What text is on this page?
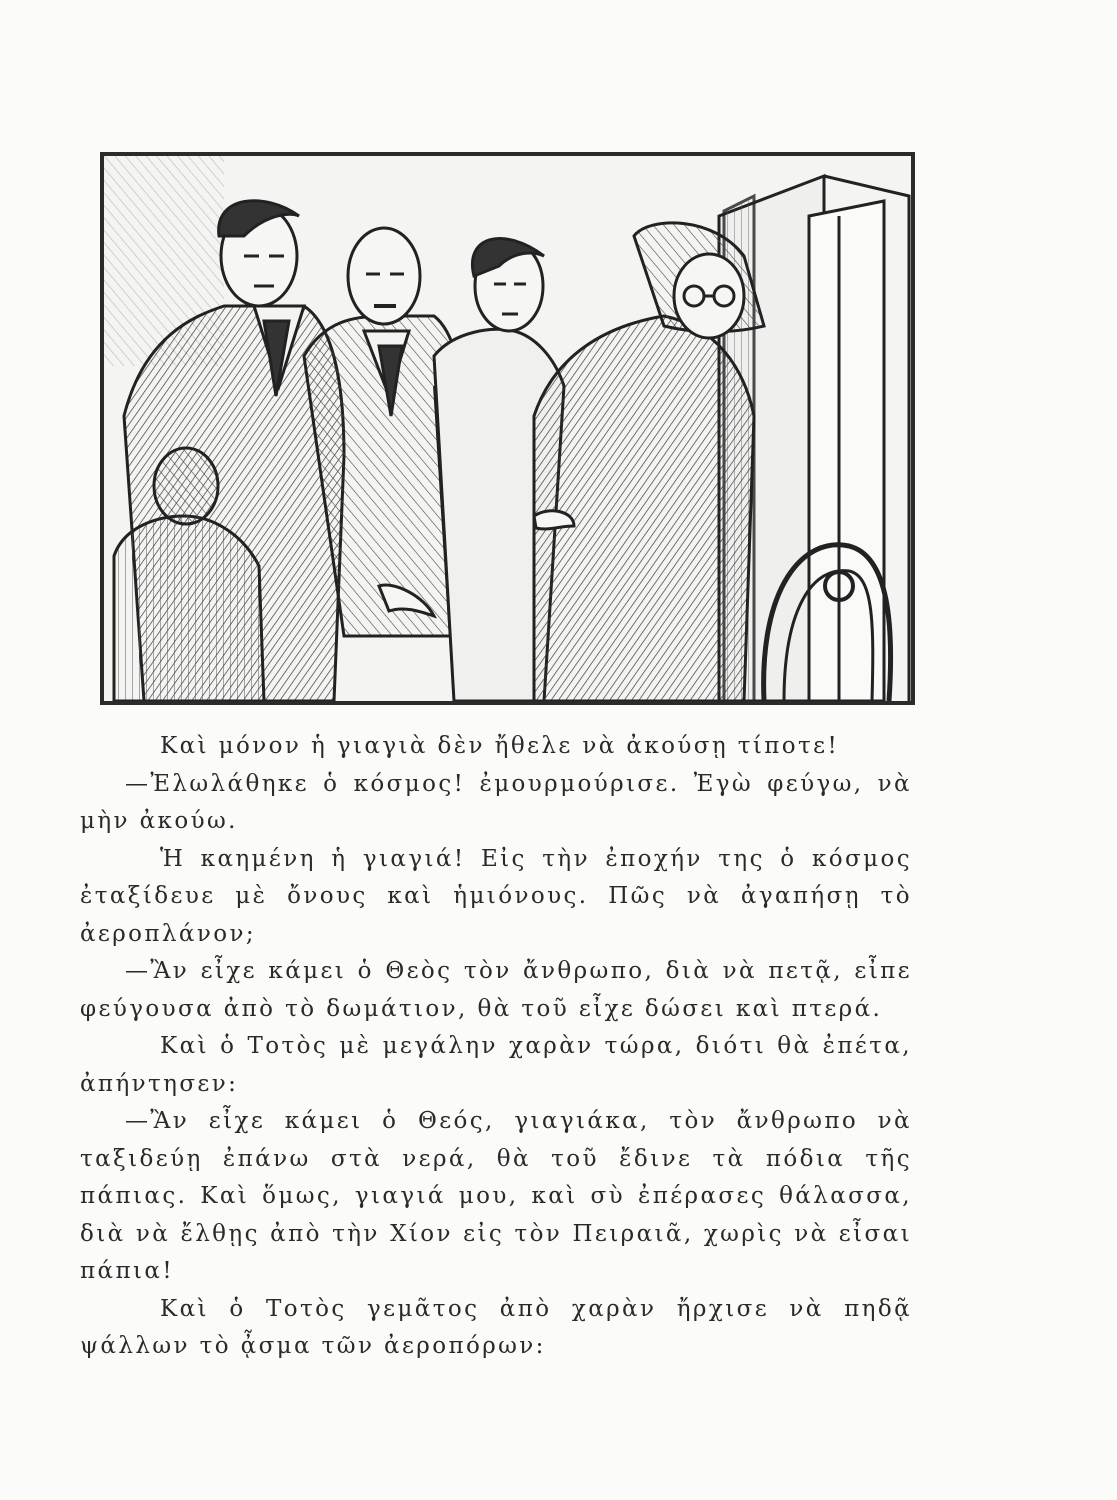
Καὶ μόνον ἡ γιαγιὰ δὲν ἤθελε νὰ ἀκούσῃ τίποτε!

—Ἐλωλάθηκε ὁ κόσμος! ἐμουρμούρισε. Ἐγὼ φεύγω, νὰ μὴν ἀκούω.

Ἡ καημένη ἡ γιαγιά! Εἰς τὴν ἐποχήν της ὁ κόσμος ἐταξίδευε μὲ ὄνους καὶ ἡμιόνους. Πῶς νὰ ἀγαπήσῃ τὸ ἀεροπλάνον;

—Ἂν εἶχε κάμει ὁ Θεὸς τὸν ἄνθρωπο, διὰ νὰ πετᾷ, εἶπε φεύγουσα ἀπὸ τὸ δωμάτιον, θὰ τοῦ εἶχε δώσει καὶ πτερά.

Καὶ ὁ Τοτὸς μὲ μεγάλην χαρὰν τώρα, διότι θὰ ἐπέτα, ἀπήντησεν:

—Ἂν εἶχε κάμει ὁ Θεός, γιαγιάκα, τὸν ἄνθρωπο νὰ ταξιδεύῃ ἐπάνω στὰ νερά, θὰ τοῦ ἔδινε τὰ πόδια τῆς πάπιας. Καὶ ὅμως, γιαγιά μου, καὶ σὺ ἐπέρασες θάλασσα, διὰ νὰ ἔλθῃς ἀπὸ τὴν Χίον εἰς τὸν Πειραιᾶ, χωρὶς νὰ εἶσαι πάπια!

Καὶ ὁ Τοτὸς γεμᾶτος ἀπὸ χαρὰν ἤρχισε νὰ πηδᾷ ψάλλων τὸ ᾆσμα τῶν ἀεροπόρων:
